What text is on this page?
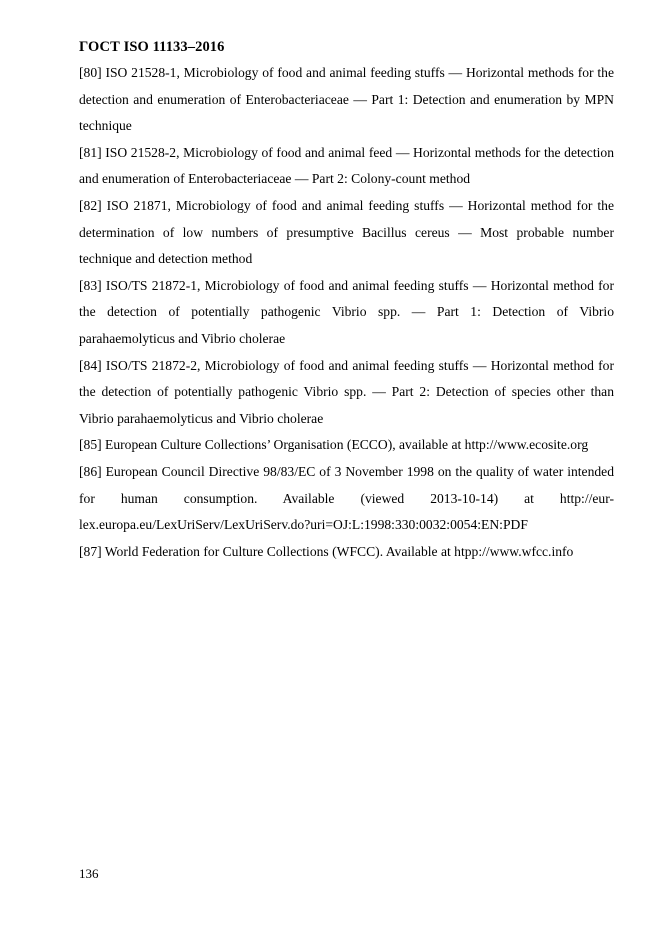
ГОСТ ISO 11133–2016

[80] ISO 21528-1, Microbiology of food and animal feeding stuffs — Horizontal methods for the detection and enumeration of Enterobacteriaceae — Part 1: Detection and enumeration by MPN technique

[81] ISO 21528-2, Microbiology of food and animal feed — Horizontal methods for the detection and enumeration of Enterobacteriaceae — Part 2: Colony-count method

[82] ISO 21871, Microbiology of food and animal feeding stuffs — Horizontal method for the determination of low numbers of presumptive Bacillus cereus — Most probable number technique and detection method

[83] ISO/TS 21872-1, Microbiology of food and animal feeding stuffs — Horizontal method for the detection of potentially pathogenic Vibrio spp. — Part 1: Detection of Vibrio parahaemolyticus and Vibrio cholerae

[84] ISO/TS 21872-2, Microbiology of food and animal feeding stuffs — Horizontal method for the detection of potentially pathogenic Vibrio spp. — Part 2: Detection of species other than Vibrio parahaemolyticus and Vibrio cholerae

[85] European Culture Collections’ Organisation (ECCO), available at http://www.ecosite.org

[86] European Council Directive 98/83/EC of 3 November 1998 on the quality of water intended for human consumption. Available (viewed 2013-10-14) at http://eur-lex.europa.eu/LexUriServ/LexUriServ.do?uri=OJ:L:1998:330:0032:0054:EN:PDF

[87] World Federation for Culture Collections (WFCC). Available at htpp://www.wfcc.info

136
